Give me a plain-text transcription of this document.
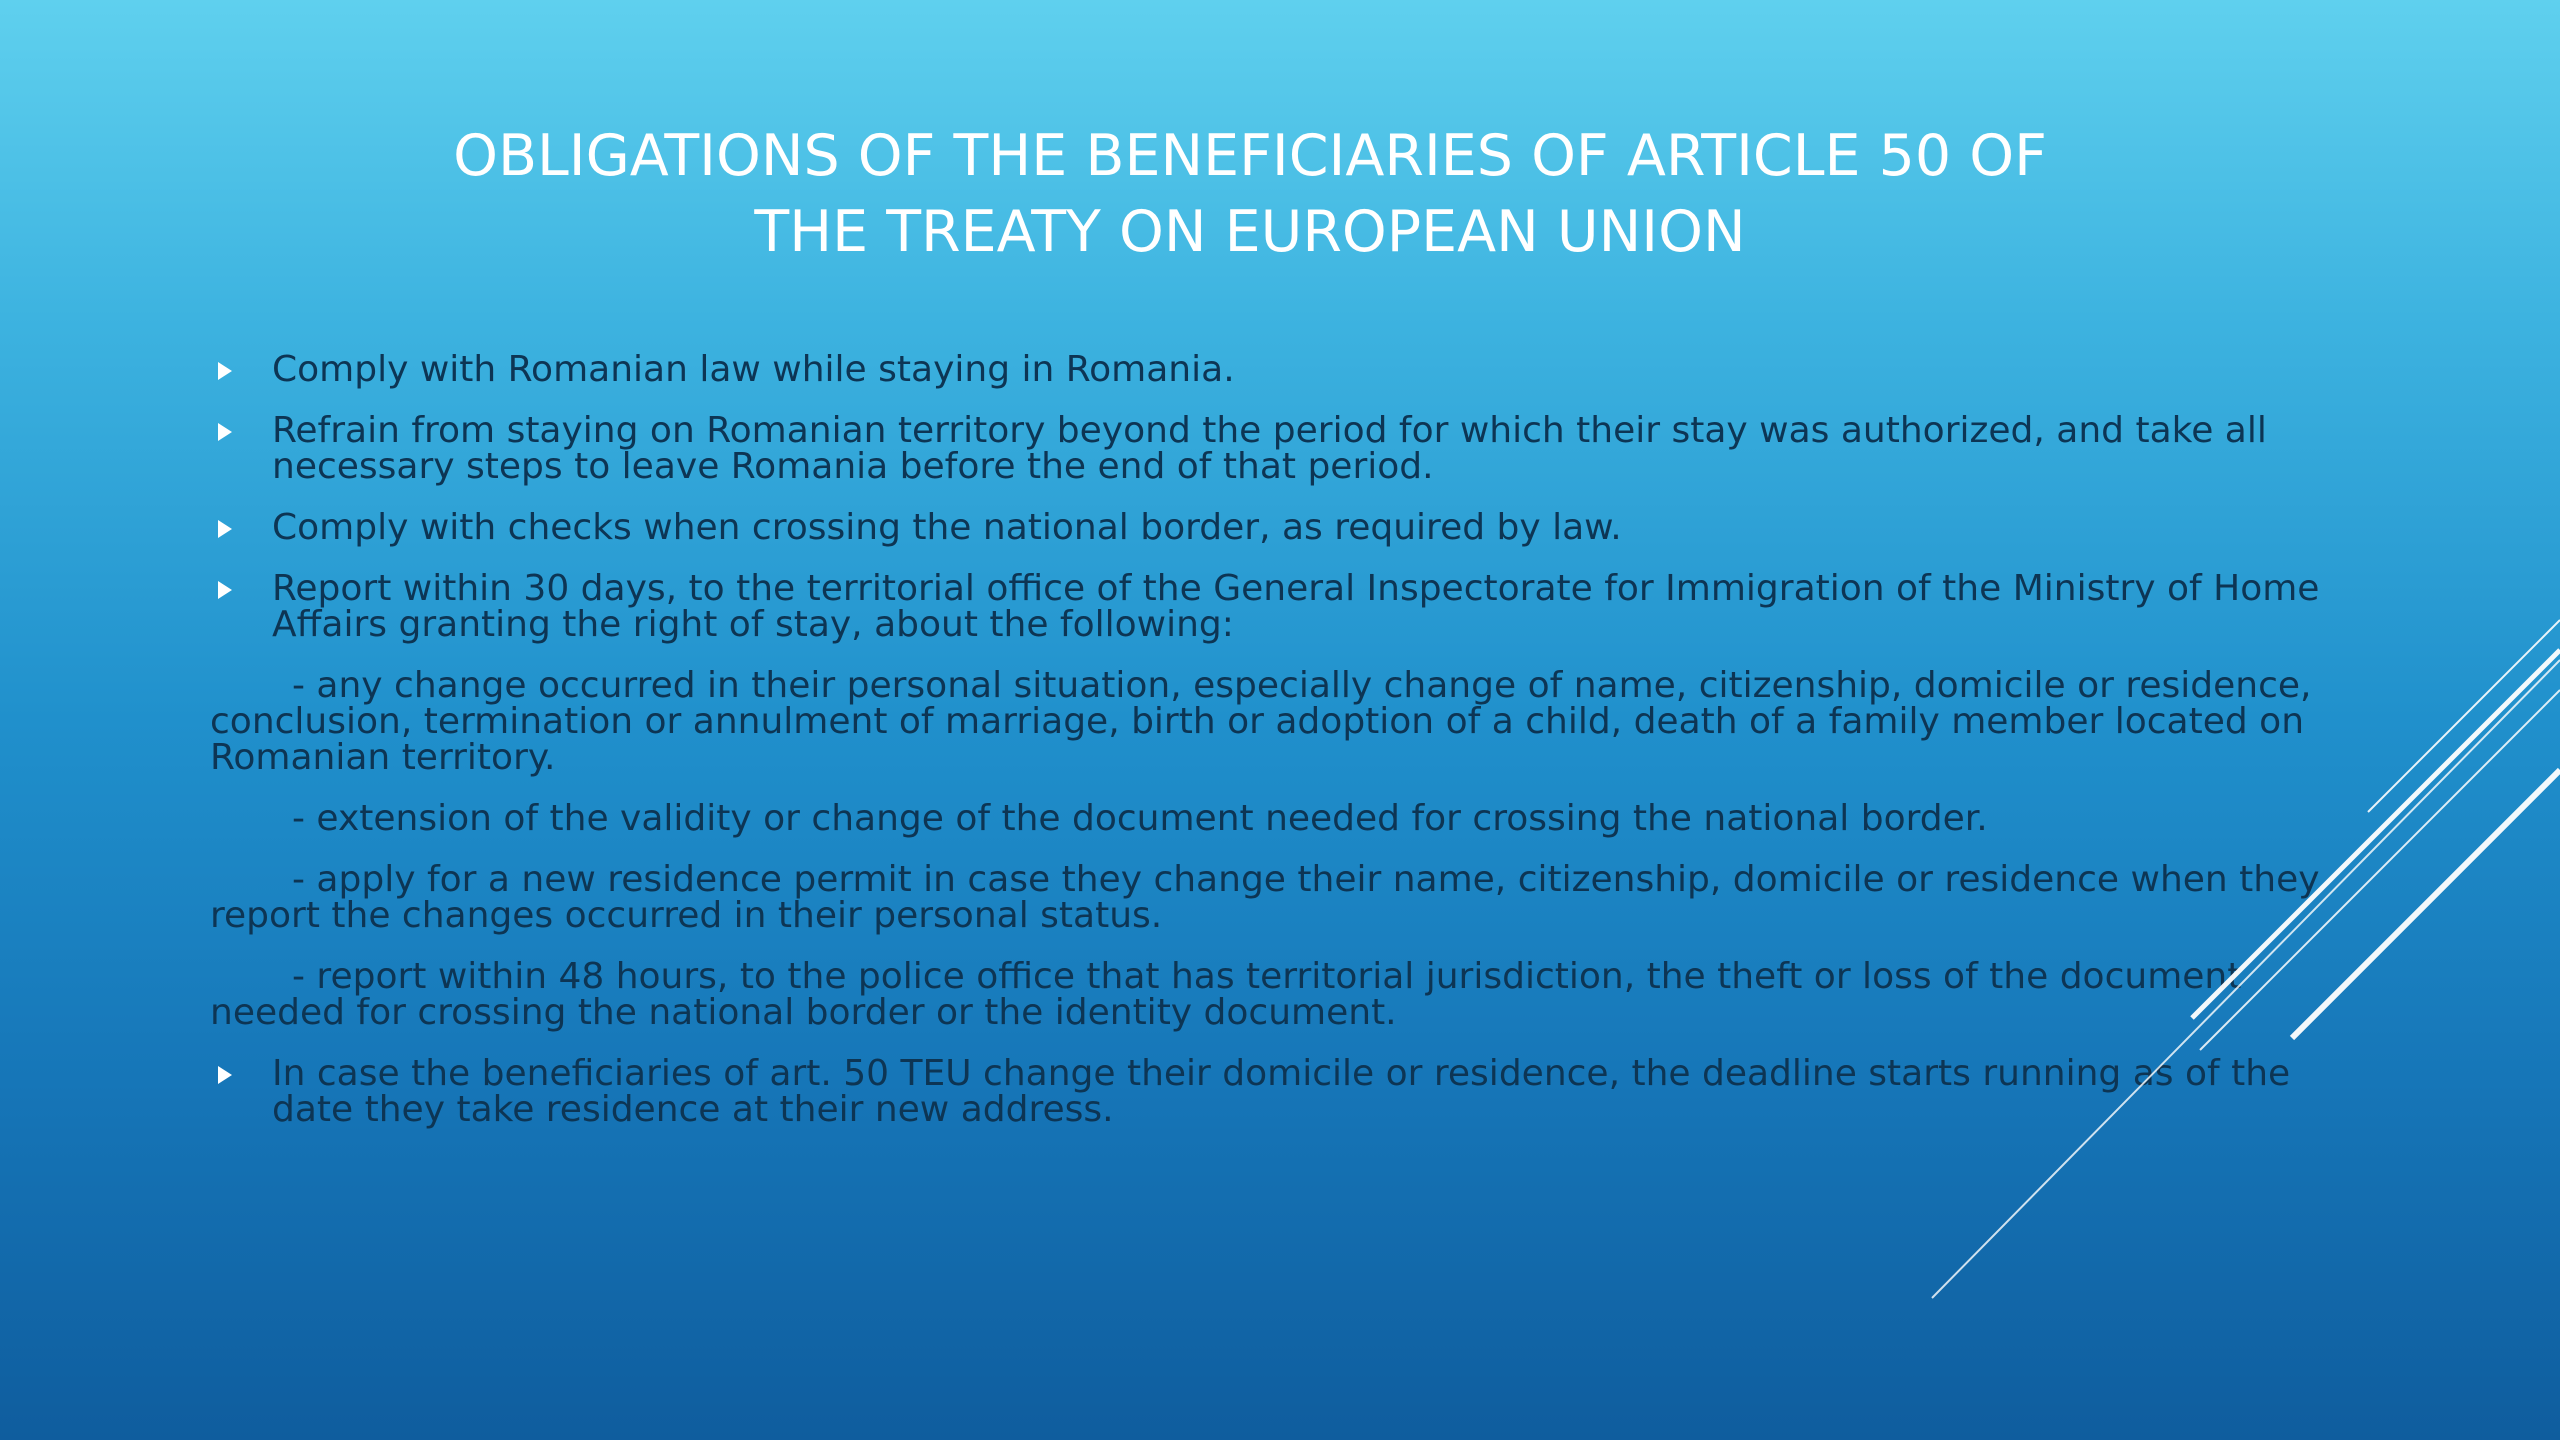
OBLIGATIONS OF THE BENEFICIARIES OF ARTICLE 50 OF
THE TREATY ON EUROPEAN UNION
Comply with Romanian law while staying in Romania.
Refrain from staying on Romanian territory beyond the period for which their stay was authorized, and take all necessary steps to leave Romania before the end of that period.
Comply with checks when crossing the national border, as required by law.
Report within 30 days, to the territorial office of the General Inspectorate for Immigration of the Ministry of Home Affairs granting the right of stay, about the following:
- any change occurred in their personal situation, especially change of name, citizenship, domicile or residence, conclusion, termination or annulment of marriage, birth or adoption of a child, death of a family member located on Romanian territory.
- extension of the validity or change of the document needed for crossing the national border.
- apply for a new residence permit in case they change their name, citizenship, domicile or residence when they report the changes occurred in their personal status.
- report within 48 hours, to the police office that has territorial jurisdiction, the theft or loss of the document needed for crossing the national border or the identity document.
In case the beneficiaries of art. 50 TEU change their domicile or residence, the deadline starts running as of the date they take residence at their new address.
